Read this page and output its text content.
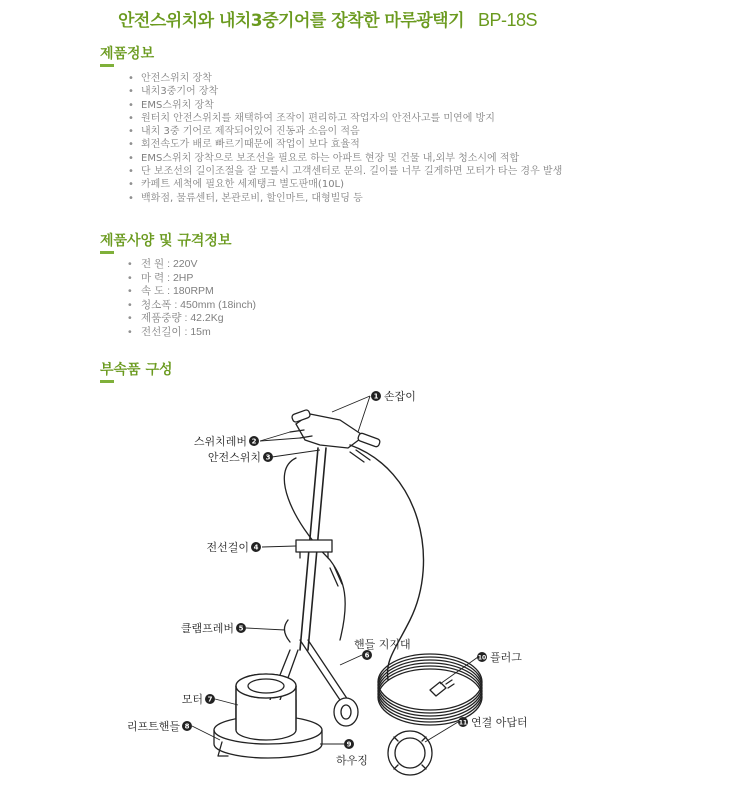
안전스위치와 내치3중기어를 장착한 마루광택기 BP-18S
제품정보
• 안전스위치 장착
• 내치3중기어 장착
• EMS스위치 장착
• 원터치 안전스위치를 채택하여 조작이 편리하고 작업자의 안전사고를 미연에 방지
• 내치 3중 기어로 제작되어있어 진동과 소음이 적음
• 회전속도가 배로 빠르기때문에 작업이 보다 효율적
• EMS스위치 장착으로 보조선을 필요로 하는 아파트 현장 및 건물 내,외부 청소시에 적합
• 단 보조선의 길이조절을 잘 모를시 고객센터로 문의. 길이를 너무 길게하면 모터가 타는 경우 발생
• 카페트 세척에 필요한 세제탱크 별도판매(10L)
• 백화점, 물류센터, 본관로비, 할인마트, 대형빌딩 등
제품사양 및 규격정보
• 전 원 : 220V
• 마 력 : 2HP
• 속 도 : 180RPM
• 청소폭 : 450mm (18inch)
• 제품중량 : 42.2Kg
• 전선길이 : 15m
부속품 구성
1
2
3
4
5
6	10
7
8
9
11
손잡이
스위치레버
안전스위치
전선걸이
클램프레버
핸들 지지대
플러그
모터
리프트핸들
하우징
연결 아답터
